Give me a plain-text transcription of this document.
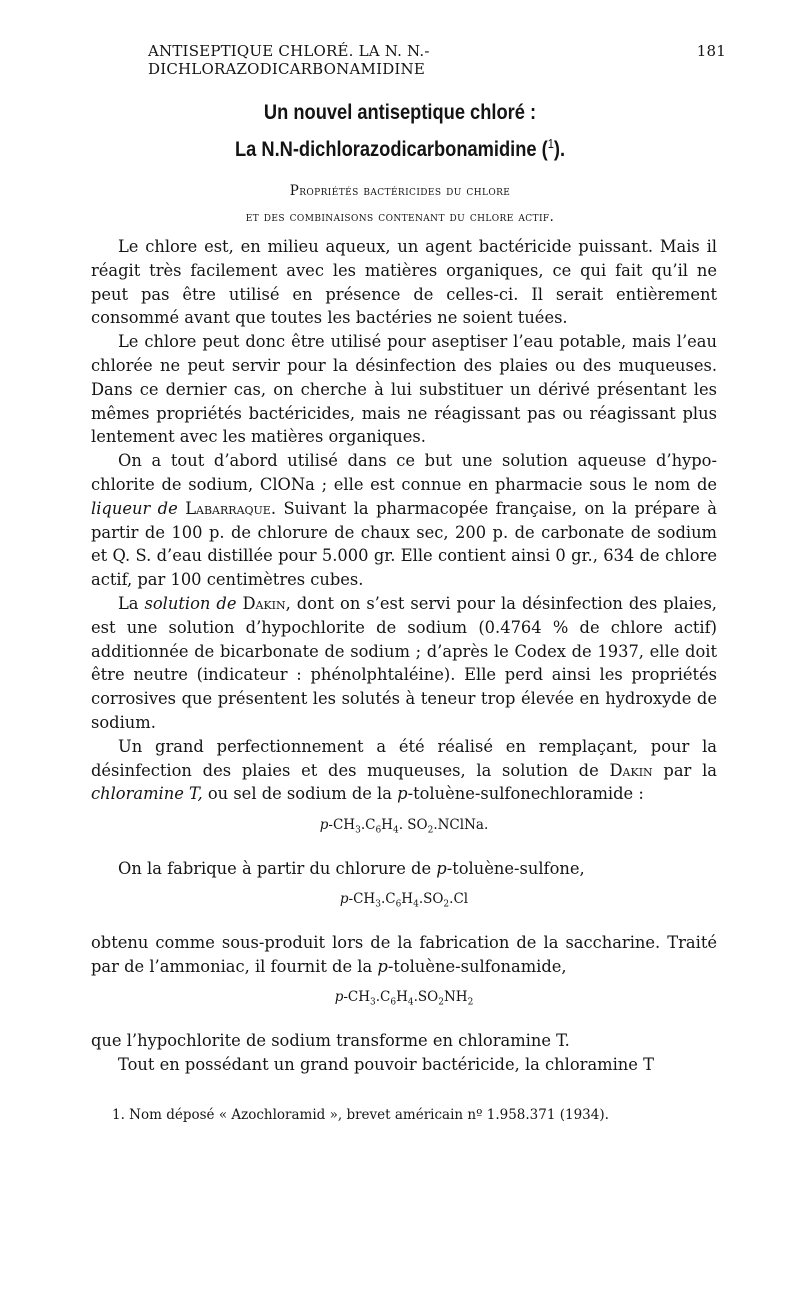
ANTISEPTIQUE CHLORÉ. LA N. N.-DICHLORAZODICARBONAMIDINE
181
Un nouvel antiseptique chloré :
La N.N-dichlorazodicarbonamidine ($^1$).
Propriétés bactéricides du chlore
et des combinaisons contenant du chlore actif.

Le chlore est, en milieu aqueux, un agent bactéricide puissant. Mais il réagit très facilement avec les matières organiques, ce qui fait qu’il ne peut pas être utilisé en présence de celles-ci. Il serait entièrement consommé avant que toutes les bactéries ne soient tuées.

Le chlore peut donc être utilisé pour aseptiser l’eau potable, mais l’eau chlorée ne peut servir pour la désinfection des plaies ou des muqueuses. Dans ce dernier cas, on cherche à lui substituer un dérivé présentant les mêmes propriétés bactéricides, mais ne réagissant pas ou réagissant plus lentement avec les matières organiques.

On a tout d’abord utilisé dans ce but une solution aqueuse d’hypochlorite de sodium, ClONa ; elle est connue en pharmacie sous le nom de liqueur de Labarraque. Suivant la pharmacopée française, on la prépare à partir de 100 p. de chlorure de chaux sec, 200 p. de carbonate de sodium et Q. S. d’eau distillée pour 5.000 gr. Elle contient ainsi 0 gr., 634 de chlore actif, par 100 centimètres cubes.

La solution de Dakin, dont on s’est servi pour la désinfection des plaies, est une solution d’hypochlorite de sodium (0.4764 % de chlore actif) additionnée de bicarbonate de sodium ; d’après le Codex de 1937, elle doit être neutre (indicateur : phénolphtaléine). Elle perd ainsi les propriétés corrosives que présentent les solutés à teneur trop élevée en hydroxyde de sodium.

Un grand perfectionnement a été réalisé en remplaçant, pour la désinfection des plaies et des muqueuses, la solution de Dakin par la chloramine T, ou sel de sodium de la p-toluène-sulfonechloramide :

$p-CH_3.C_6H_4$. $SO_2.NClNa$.

On la fabrique à partir du chlorure de p-toluène-sulfone,

$p-CH_3.C_6H_4.SO_2.Cl$

obtenu comme sous-produit lors de la fabrication de la saccharine. Traité par de l’ammoniac, il fournit de la p-toluène-sulfonamide,

$p-CH_3.C_6H_4.SO_2NH_2$

que l’hypochlorite de sodium transforme en chloramine T.

Tout en possédant un grand pouvoir bactéricide, la chloramine T

1. Nom déposé « Azochloramid », brevet américain nº 1.958.371 (1934).
